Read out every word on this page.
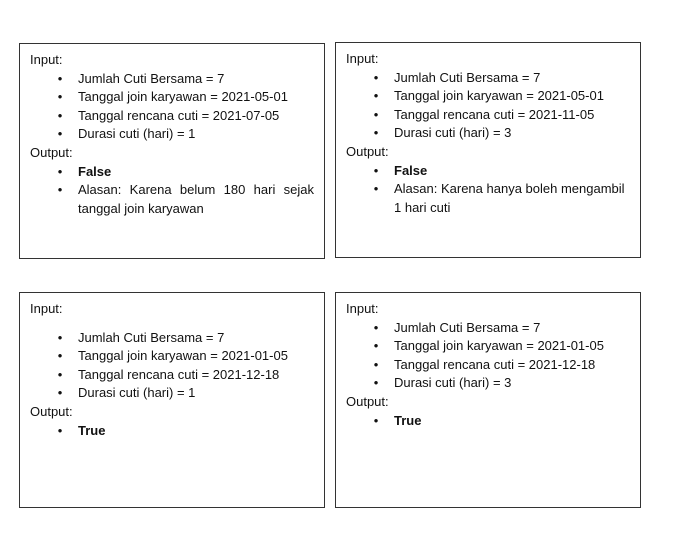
Input:
•	Jumlah Cuti Bersama = 7
•	Tanggal join karyawan = 2021-05-01
•	Tanggal rencana cuti = 2021-07-05
•	Durasi cuti (hari) = 1
Output:
•	False
•	Alasan: Karena belum 180 hari sejak tanggal join karyawan
Input:
•	Jumlah Cuti Bersama = 7
•	Tanggal join karyawan = 2021-05-01
•	Tanggal rencana cuti = 2021-11-05
•	Durasi cuti (hari) = 3
Output:
•	False
•	Alasan: Karena hanya boleh mengambil 1 hari cuti
Input:
•	Jumlah Cuti Bersama = 7
•	Tanggal join karyawan = 2021-01-05
•	Tanggal rencana cuti = 2021-12-18
•	Durasi cuti (hari) = 1
Output:
•	True
Input:
•	Jumlah Cuti Bersama = 7
•	Tanggal join karyawan = 2021-01-05
•	Tanggal rencana cuti = 2021-12-18
•	Durasi cuti (hari) = 3
Output:
•	True
